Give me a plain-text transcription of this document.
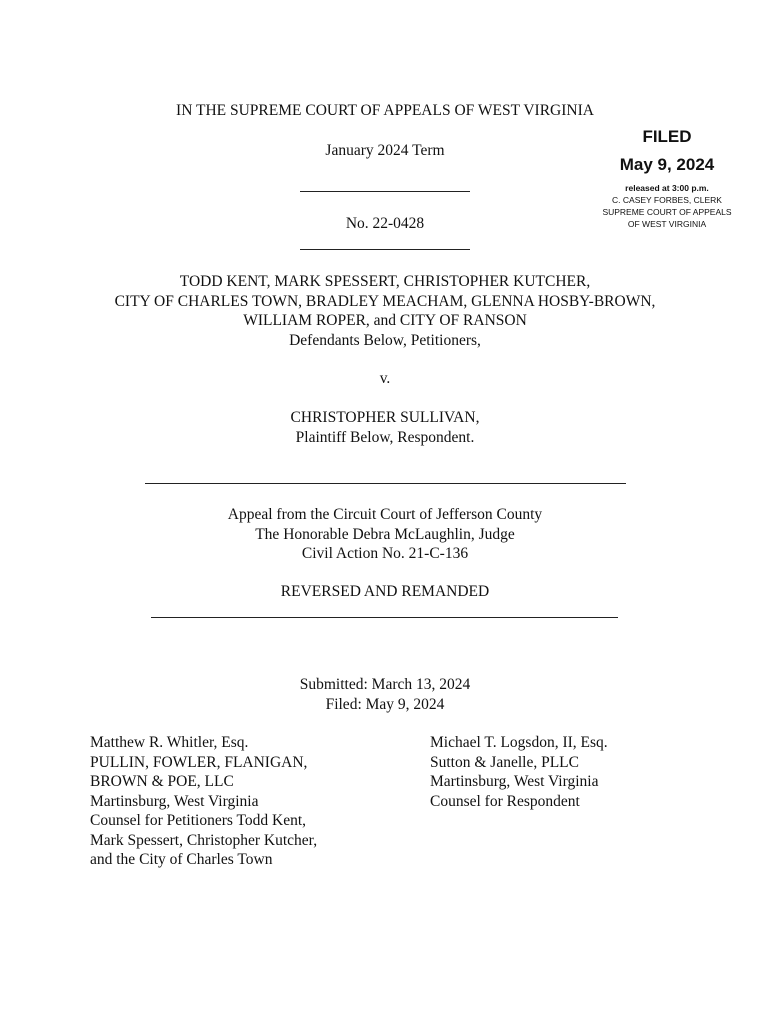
IN THE SUPREME COURT OF APPEALS OF WEST VIRGINIA
January 2024 Term
No. 22-0428
FILED
May 9, 2024
released at 3:00 p.m.
C. CASEY FORBES, CLERK
SUPREME COURT OF APPEALS
OF WEST VIRGINIA
TODD KENT, MARK SPESSERT, CHRISTOPHER KUTCHER,
CITY OF CHARLES TOWN, BRADLEY MEACHAM, GLENNA HOSBY-BROWN,
WILLIAM ROPER, and CITY OF RANSON
Defendants Below, Petitioners,
v.
CHRISTOPHER SULLIVAN,
Plaintiff Below, Respondent.
Appeal from the Circuit Court of Jefferson County
The Honorable Debra McLaughlin, Judge
Civil Action No. 21-C-136
REVERSED AND REMANDED
Submitted: March 13, 2024
Filed: May 9, 2024
Matthew R. Whitler, Esq.
PULLIN, FOWLER, FLANIGAN,
BROWN & POE, LLC
Martinsburg, West Virginia
Counsel for Petitioners Todd Kent,
Mark Spessert, Christopher Kutcher,
and the City of Charles Town
Michael T. Logsdon, II, Esq.
Sutton & Janelle, PLLC
Martinsburg, West Virginia
Counsel for Respondent
